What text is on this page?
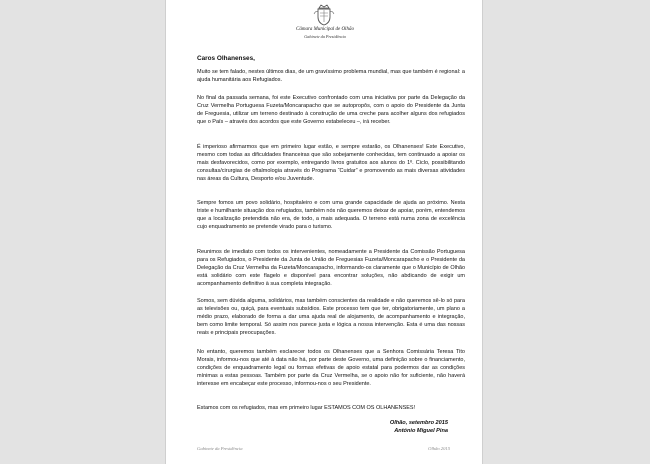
Câmara Municipal de Olhão
Gabinete da Presidência
Caros Olhanenses,

Muito se tem falado, nestes últimos dias, de um gravíssimo problema mundial, mas que também é regional: a ajuda humanitária aos Refugiados.

No final da passada semana, foi este Executivo confrontado com uma iniciativa por parte da Delegação da Cruz Vermelha Portuguesa Fuzeta/Moncarapacho que se autopropôs, com o apoio do Presidente da Junta de Freguesia, utilizar um terreno destinado à construção de uma creche para acolher alguns dos refugiados que o País – através dos acordos que este Governo estabeleceu –, irá receber.

É imperioso afirmarmos que em primeiro lugar estão, e sempre estarão, os Olhanenses! Este Executivo, mesmo com todas as dificuldades financeiras que são sobejamente conhecidas, tem continuado a apoiar os mais desfavorecidos, como por exemplo, entregando livros gratuitos aos alunos do 1º. Ciclo, possibilitando consultas/cirurgias de oftalmologia através do Programa “Cuidar” e promovendo as mais diversas atividades nas áreas da Cultura, Desporto e/ou Juventude.

Sempre fomos um povo solidário, hospitaleiro e com uma grande capacidade de ajuda ao próximo. Nesta triste e humilhante situação dos refugiados, também nós não queremos deixar de apoiar, porém, entendemos que a localização pretendida não era, de todo, a mais adequada. O terreno está numa zona de excelência cujo enquadramento se pretende virado para o turismo.

Reunimos de imediato com todos os intervenientes, nomeadamente a Presidente da Comissão Portuguesa para os Refugiados, o Presidente da Junta de União de Freguesias Fuzeta/Moncarapacho e o Presidente da Delegação da Cruz Vermelha da Fuzeta/Moncarapacho, informando-os claramente que o Município de Olhão está solidário com este flagelo e disponível para encontrar soluções, não abdicando de exigir um acompanhamento definitivo à sua completa integração.

Somos, sem dúvida alguma, solidários, mas também conscientes da realidade e não queremos sê-lo só para as televisões ou, quiçá, para eventuais subsídios. Este processo tem que ter, obrigatoriamente, um plano a médio prazo, elaborado de forma a dar uma ajuda real de alojamento, de acompanhamento e integração, bem como limite temporal. Só assim nos parece justa e lógica a nossa intervenção. Esta é uma das nossas reais e principais preocupações.

No entanto, queremos também esclarecer todos os Olhanenses que a Senhora Comissária Teresa Tito Morais, informou-nos que até à data não há, por parte deste Governo, uma definição sobre o financiamento, condições de enquadramento legal ou formas efetivas de apoio estatal para podermos dar as condições mínimas a estas pessoas. Também por parte da Cruz Vermelha, se o apoio não for suficiente, não haverá interesse em encabeçar este processo, informou-nos o seu Presidente.

Estamos com os refugiados, mas em primeiro lugar ESTAMOS COM OS OLHANENSES!

Olhão, setembro 2015
António Miguel Pina
Gabinete da Presidência	Olhão 2015
